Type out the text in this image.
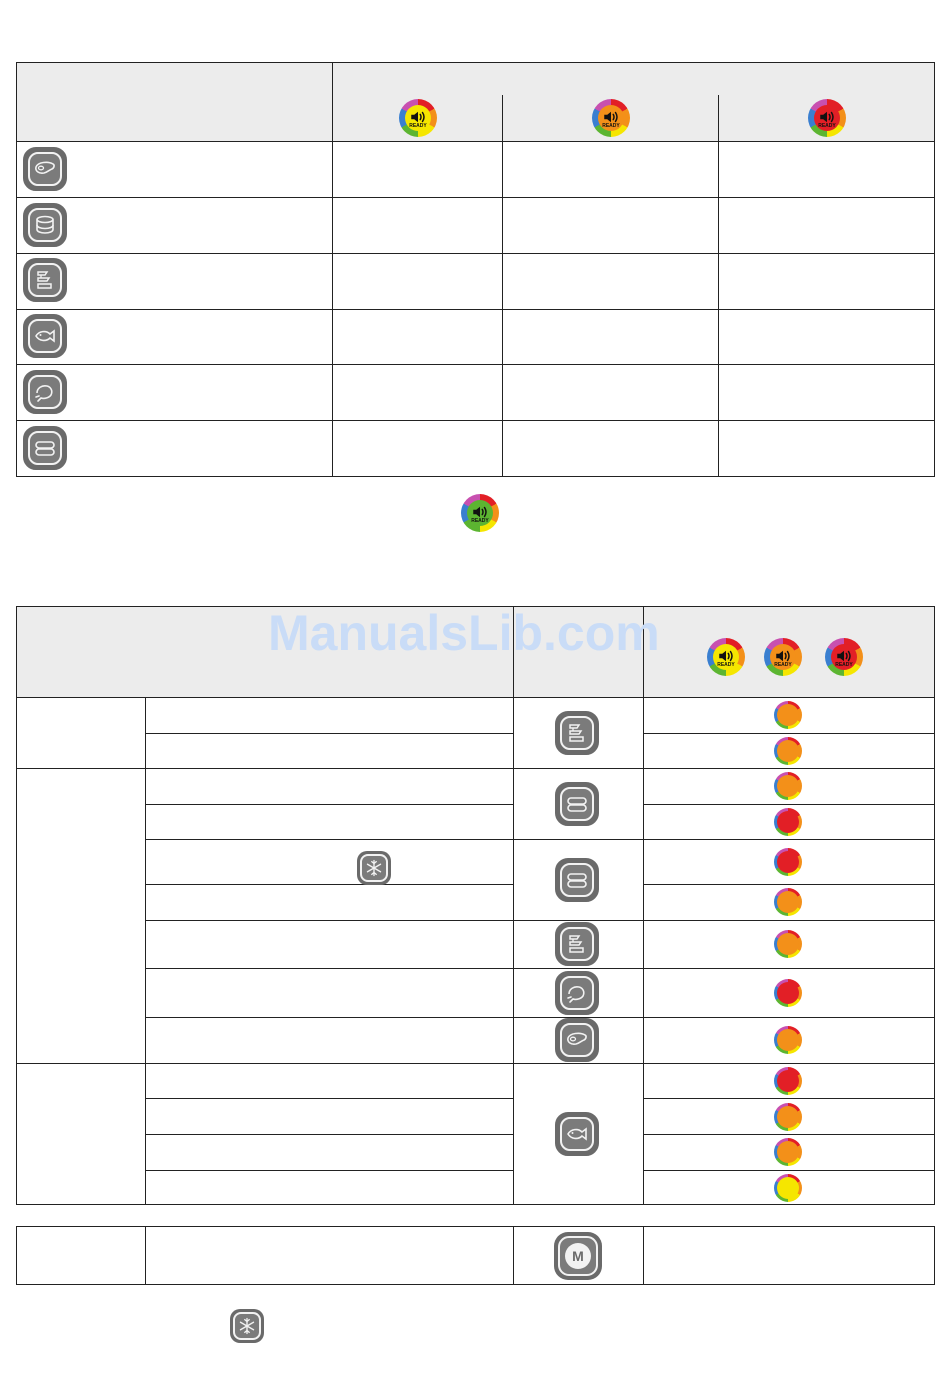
READY	READY	READY
READY
READY	READY	READY
ManualsLib.com
M
